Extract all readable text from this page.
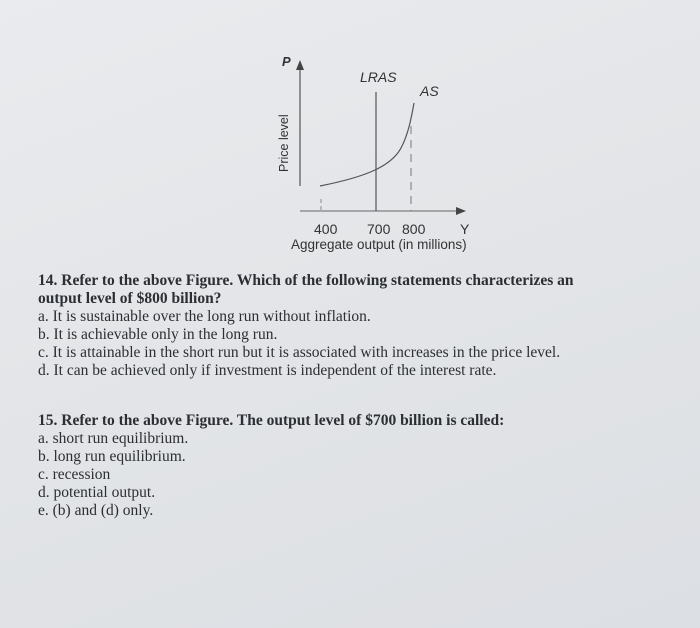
P
LRAS
AS
Price level
400 700 800 Y
Aggregate output (in millions)

14. Refer to the above Figure. Which of the following statements characterizes an

output level of $800 billion?

a. It is sustainable over the long run without inflation.

b. It is achievable only in the long run.

c. It is attainable in the short run but it is associated with increases in the price level.

d. It can be achieved only if investment is independent of the interest rate.

15. Refer to the above Figure. The output level of $700 billion is called:

a. short run equilibrium.

b. long run equilibrium.

c. recession

d. potential output.

e. (b) and (d) only.
